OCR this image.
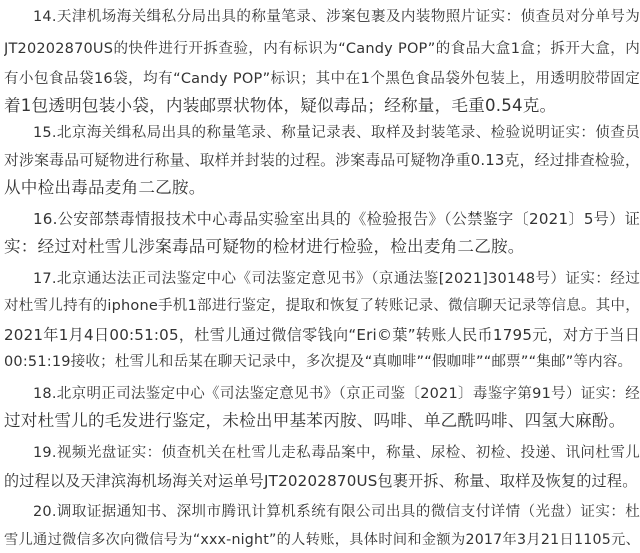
14.天津机场海关缉私分局出具的称量笔录、涉案包裹及内装物照片证实：侦查员对分单号为
JT20202870US的快件进行开拆查验，内有标识为“Candy POP”的食品大盒1盒；拆开大盒，内
有小包食品袋16袋，均有“Candy POP”标识；其中在1个黑色食品袋外包装上，用透明胶带固定
着1包透明包装小袋，内装邮票状物体，疑似毒品；经称量，毛重0.54克。
15.北京海关缉私局出具的称量笔录、称量记录表、取样及封装笔录、检验说明证实：侦查员
对涉案毒品可疑物进行称量、取样并封装的过程。涉案毒品可疑物净重0.13克，经过排查检验，
从中检出毒品麦角二乙胺。
16.公安部禁毒情报技术中心毒品实验室出具的《检验报告》（公禁鉴字〔2021〕5号）证
实：经过对杜雪儿涉案毒品可疑物的检材进行检验，检出麦角二乙胺。
17.北京通达法正司法鉴定中心《司法鉴定意见书》（京通法鉴[2021]30148号）证实：经过
对杜雪儿持有的iphone手机1部进行鉴定，提取和恢复了转账记录、微信聊天记录等信息。其中，
2021年1月4日00:51:05，杜雪儿通过微信零钱向“Eri©葉”转账人民币1795元，对方于当日
00:51:19接收；杜雪儿和岳某在聊天记录中，多次提及“真咖啡”“假咖啡”“邮票”“集邮”等内容。
18.北京明正司法鉴定中心《司法鉴定意见书》（京正司鉴〔2021〕毒鉴字第91号）证实：经
过对杜雪儿的毛发进行鉴定，未检出甲基苯丙胺、吗啡、单乙酰吗啡、四氢大麻酚。
19.视频光盘证实：侦查机关在杜雪儿走私毒品案中，称量、尿检、初检、投递、讯问杜雪儿
的过程以及天津滨海机场海关对运单号JT20202870US包裹开拆、称量、取样及恢复的过程。
20.调取证据通知书、深圳市腾讯计算机系统有限公司出具的微信支付详情（光盘）证实：杜
雪儿通过微信多次向微信号为“xxx-night”的人转账，具体时间和金额为2017年3月21日1105元、
